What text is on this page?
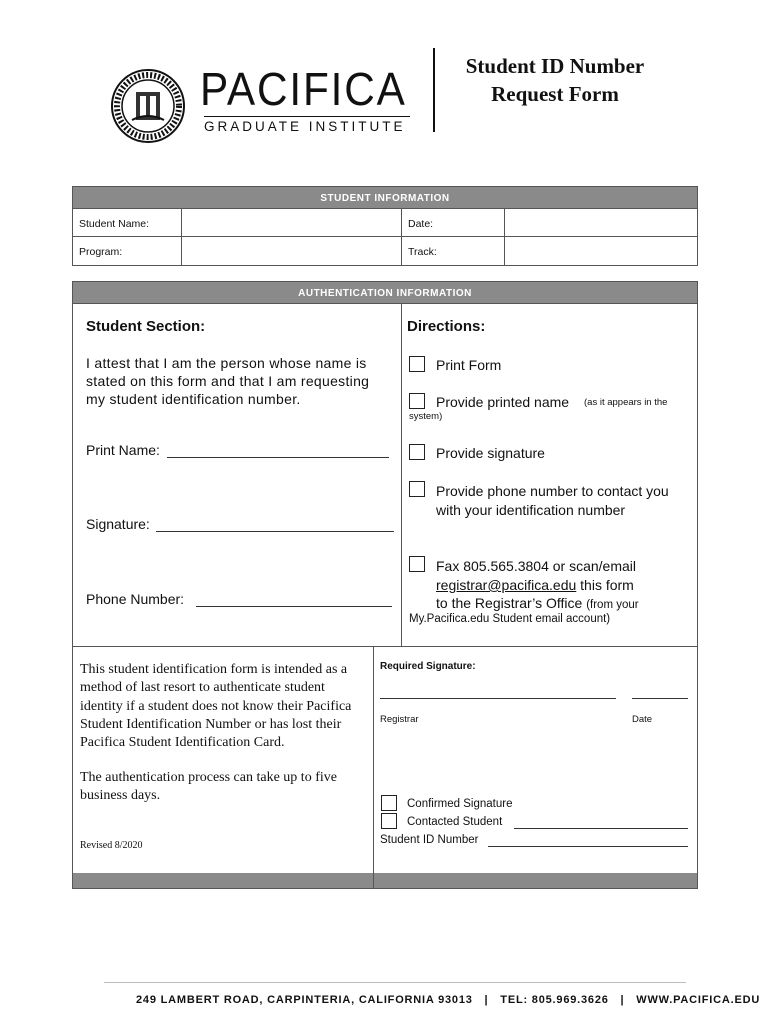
PACIFICA
GRADUATE INSTITUTE
Student ID Number
Request Form
STUDENT INFORMATION
Student Name:	Date:
Program:	Track:
AUTHENTICATION INFORMATION
Student Section:
I attest that I am the person whose name is stated on this form and that I am requesting my student identification number.
Print Name:
Signature:
Phone Number:
Directions:
Print Form
Provide printed name	(as it appears in the system)
Provide signature
Provide phone number to contact you with your identification number
Fax 805.565.3804 or scan/email
registrar@pacifica.edu this form
to the Registrar’s Office (from your
My.Pacifica.edu Student email account)
This student identification form is intended as a method of last resort to authenticate student identity if a student does not know their Pacifica Student Identification Number or has lost their Pacifica Student Identification Card.
The authentication process can take up to five business days.
Revised 8/2020
Required Signature:
Registrar	Date
Confirmed Signature
Contacted Student
Student ID Number
249 LAMBERT ROAD, CARPINTERIA, CALIFORNIA 93013 | TEL: 805.969.3626 | WWW.PACIFICA.EDU
